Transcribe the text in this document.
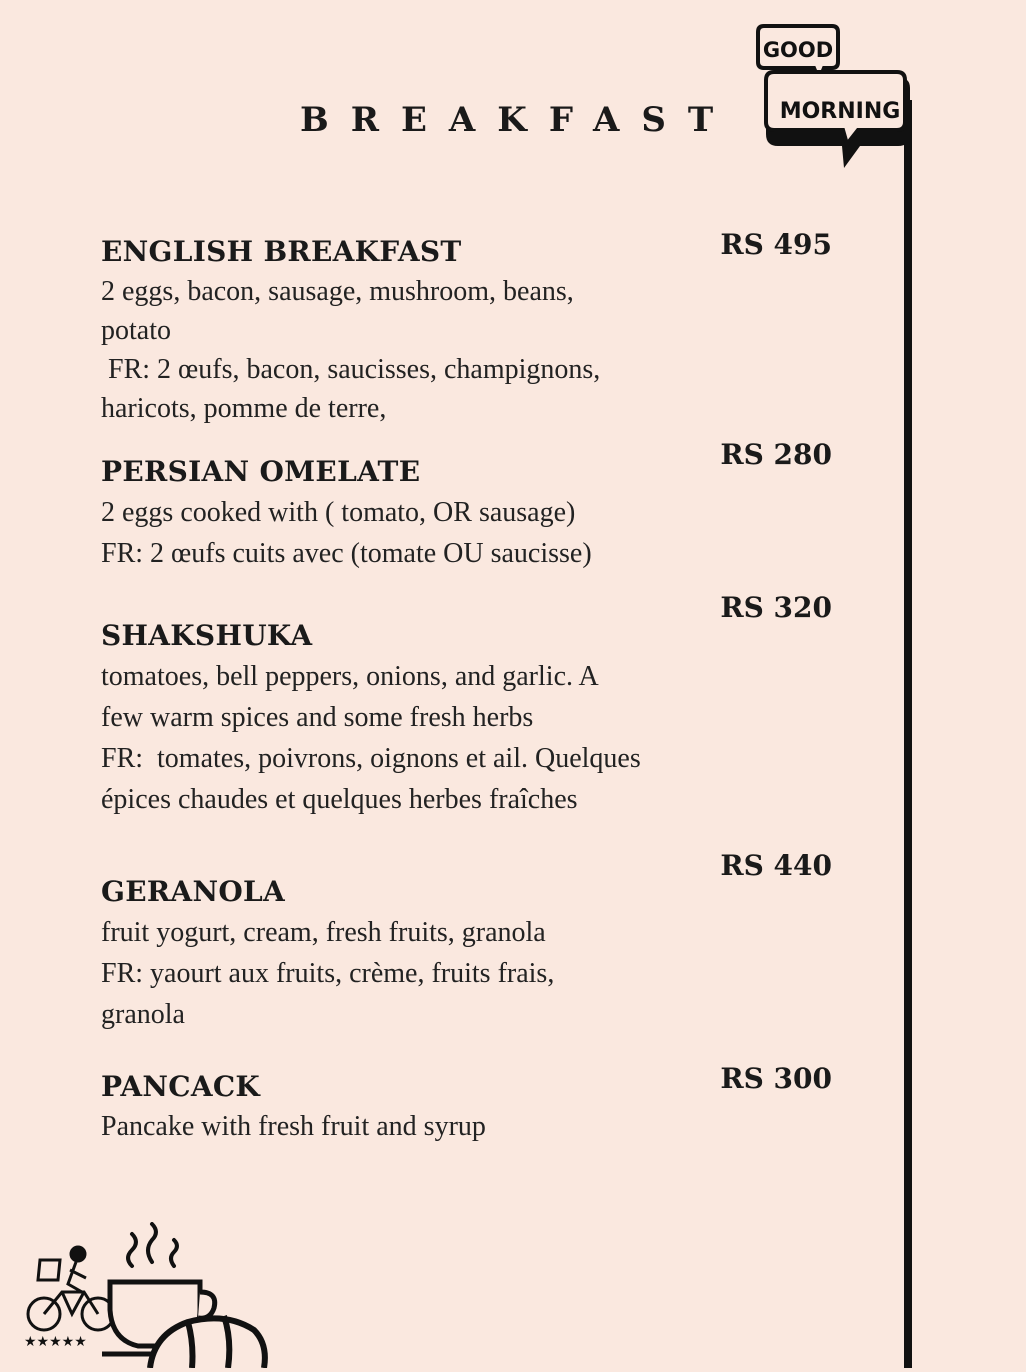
BREAKFAST
GOOD
MORNING
ENGLISH BREAKFAST
2 eggs, bacon, sausage, mushroom, beans,
potato
FR: 2 œufs, bacon, saucisses, champignons,
haricots, pomme de terre,
RS 495
PERSIAN OMELATE
2 eggs cooked with ( tomato, OR sausage)
FR: 2 œufs cuits avec (tomate OU saucisse)
RS 280
SHAKSHUKA
tomatoes, bell peppers, onions, and garlic. A
few warm spices and some fresh herbs
FR:  tomates, poivrons, oignons et ail. Quelques
épices chaudes et quelques herbes fraîches
RS 320
GERANOLA
fruit yogurt, cream, fresh fruits, granola
FR: yaourt aux fruits, crème, fruits frais,
granola
RS 440
PANCACK
Pancake with fresh fruit and syrup
RS 300
★★★★★
